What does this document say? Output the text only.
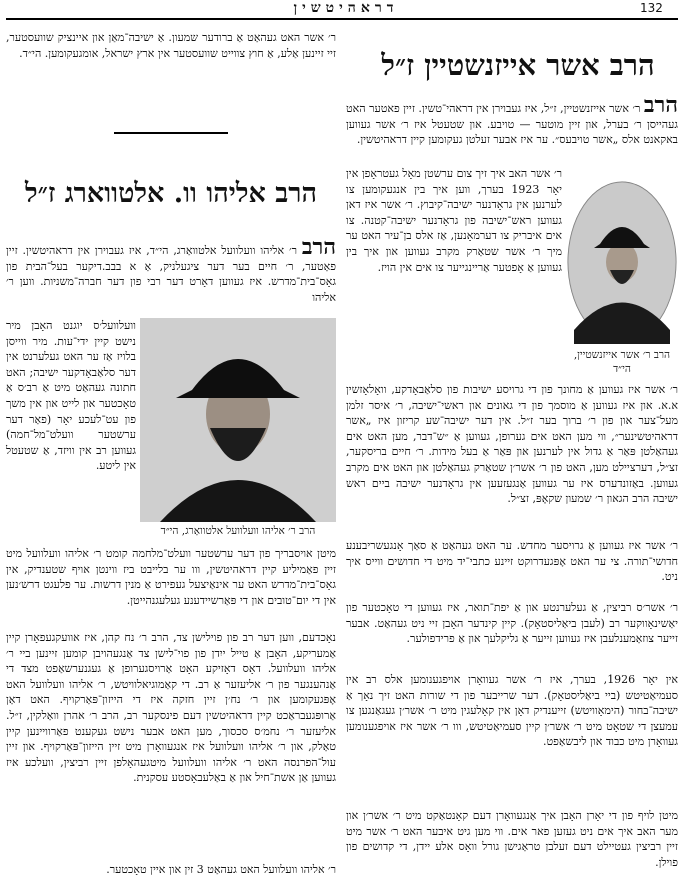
דראהיטשין	132
הרב אשר אייזנשטיין ז״ל
הרב ר׳ אשר אייזנשטיין, ז״ל, איז געבוירן אין דראהי־טשין. זיין פאטער האט געהייסן ר׳ בערל, און זיין מוטער — טויבע. און שטעטל איז ר׳ אשר געווען באקאנט אלס „אשר טויבעס״. ער איז אבער זעלטן געקומען קיין דראהיטשין.
הרב ר׳ אשר אייזנשטיין, הי״ד
ר׳ אשר האב איך זיך צום ערשטן מאָל געטראָפן אין יאָר 1923 בערך, ווען איך בין אנגעקומען צו לערנען אין גראָדנער ישיבה־קיבוץ. ר׳ אשר איז דאן געווען ראש־ישיבה פון גראָדנער ישיבה־קטנה. צו אים איבריק צו דערמאָנען, אַז אלס בן־עיר האט ער מיך ר׳ אשר שטאַרק מקרב געווען און איך בין געווען אַ אָפטער אַריינגייער צו אים אין הויז.
ר׳ אשר איז געווען אַ מחונך פון די גרויסע ישיבות פון סלאַבאָדקע, וואָלאָזשין א.א. און איז געווען אַ מוסמך פון די גאונים און ראשי־ישיבה, ר׳ איסר זלמן מעל־צער און פון ר׳ ברוך בער ז״ל. אין דער ישיבה־שע קריזון איז „אשר דראהיטשינער״, ווי מען האט אים גערופן, געווען אַ ״ש־דבר, מען האט אים געהאַלטן פּאַר אַ גדול אין לערנען און פּאַר אַ בעל מידות. ר׳ חיים בריסקער, זצ״ל, דערציילט מען, האט פון ר׳ אשר׳ן שטאַרק געהאַלטן און האט אים מקרב געווען. באַזונדערס איז ער געווען אַנגעזעען אין גראָדנער ישיבה ביים ראש ישיבה הרב הגאון ר׳ שמעון שקאָפּ, זצ״ל.
ר׳ אשר איז געווען אַ גרויסער מחדש. ער האט געהאַט אַ סאַך אָנגעשריבענע חדושי־תורה. צי ער האט אָפּגעדרוקט זיינע כתבי־יד מיט די חדושים ווייס איך ניט.
ר׳ אשר׳ס רביצין, אַ געלערנטע און אַ יפת־תואר, איז געווען די טאָכטער פון יאַשינאָווקער רב (לעבן ביאַליסטאָק). קיין קינדער האָבן זיי ניט געהאַט. אבער זייער צוזאַמענלעבן איז געווען זייער אַ גליקלעך און אַ פרידפולער.
אין יאָר 1926, בערך, איז ר׳ אשר געוואָרן אויפגענומען אלס רב אין סעמיאַטיטש (ביי ביאַליסטאָק). דער שרייבער פון די שורות האט זיך נאָך אַ ישיבה־בחור (הימאָוויטש) זייענדיק דאָן אין קאָלעגין מיט ר׳ אשר׳ן געגאַנגען צו עמעצן די שטאָט מיט ר׳ אשר׳ן קיין סעמיאַטיטש, ווו ר׳ אשר איז אויפגענומען געוואָרן מיט כבוד און ליבשאַפט.
מיטן לויף פון די יאָרן האָבן איך אַנגעוואָרן דעם קאָנטאַקט מיט ר׳ אשר׳ן און מער האב איך אים ניט געזען פאר אים. ווי מען גיט איבער האט ר׳ אשר מיט זיין רביצין געטיילט דעם זעלבן טראַגישן גורל וואָס אלע יידן, די קדושים פון פוילן.
ר׳ אשר האט געהאַט אַ ברודער שמעון. אַ ישיבה־מאַן און איינציק שוועסטער, זיי זיינען אַלע, אַ חוץ צווייט שוועסטער אין ארץ ישראל, אומגעקומען. הי״ד.
הרב אליהו וו. אלטווארג ז״ל
הרב ר׳ אליהו וועלוועל אלטוואַרג, הי״ד, איז געבוירן אין דראהיטשין. זיין פאַטער, ר׳ חיים בער דער ציגעלניק, אַ א בבב.דיקער בעל־הבית פון גאָס־בית־מדרש. איז געווען דאָרט דער רבי פון דער חברה־משניות. ווען ר׳ אליהו
הרב ר׳ אליהו וועלוועל אלטוואַרג, הי״ד
וועלוועל׳ס יוגנט האָבן מיר נישט קיין ידי־עות. מיר ווייסן בלויז אַז ער האט געלערנט אין דער סלאַבאָדקער ישיבה; האט חתונה געהאַט מיט אַ רב׳ס אַ טאָכטער און לייט און אין משך פון עט־לעכע יאָר (פאַר דער ערשטער וועלט־מל־חמה) געווען רב אין וויזד, אַ שטעטל אין ליטע.
מיטן אויסבריך פון דער ערשטער וועלט־מלחמה קומט ר׳ אליהו וועלוועל מיט זיין פאַמיליע קיין דראהיטשין, ווו ער בלייבט ביז ווינטן אויף שטענדיק, אין גאָס־בית־מדרש האט ער אינאַיצעל געפירט אַ מנין דרשות. ער פלעגט דרש׳נען אין די יום־טובים און די פּאַרשיידענע געלעגנהייטן.
נאָכדעם, ווען דער רב פון פוילישן צד, הרב ר׳ נח קהן, איז אוועקגעפאָרן קיין אַמעריקע, האָבן אַ טייל ייִדן פון פוי־לישן צד אַנגעהויבן קומען זיינען ביי ר׳ אליהו וועלוועל. דאָס דאָזיקע האָט אַרויסגערופן אַ געגנערשאַפט מצד די אַנהענגער פון ר׳ אליעזער אַ רב. די קאַמוגיאלוויטש, ר׳ אליהו וועלוועל האט אָפּגעקומען און ר׳ נח׳ן זיין חזקה איז די הייזון־פּאַרקויף. האט דאַן אַרופּגעבראַכט קיין דראהיטשין דעם פינסקער רב, הרב ר׳ אהרן וואַלקין, ז״ל. אליעזער ר׳ נחמ׳ס סכסוך, מען האט אבער נישט געקענט פאַרוויינען קיין טאַלק, און ר׳ אליהו וועלוועל איז אנגעוואָרן מיט זיין הייזון־פּאַרקויף. און זיין עול־הפרנסה האט ר׳ אליהו וועלוועל מיטגעהאָלפן זיין רביצין, וועלכע איז געווען אַן אשת־חיל און אַ באַלעבאָסטע עסקנית.
ר׳ אליהו וועלוועל האט געהאַט 3 זין און איין טאָכטער.
